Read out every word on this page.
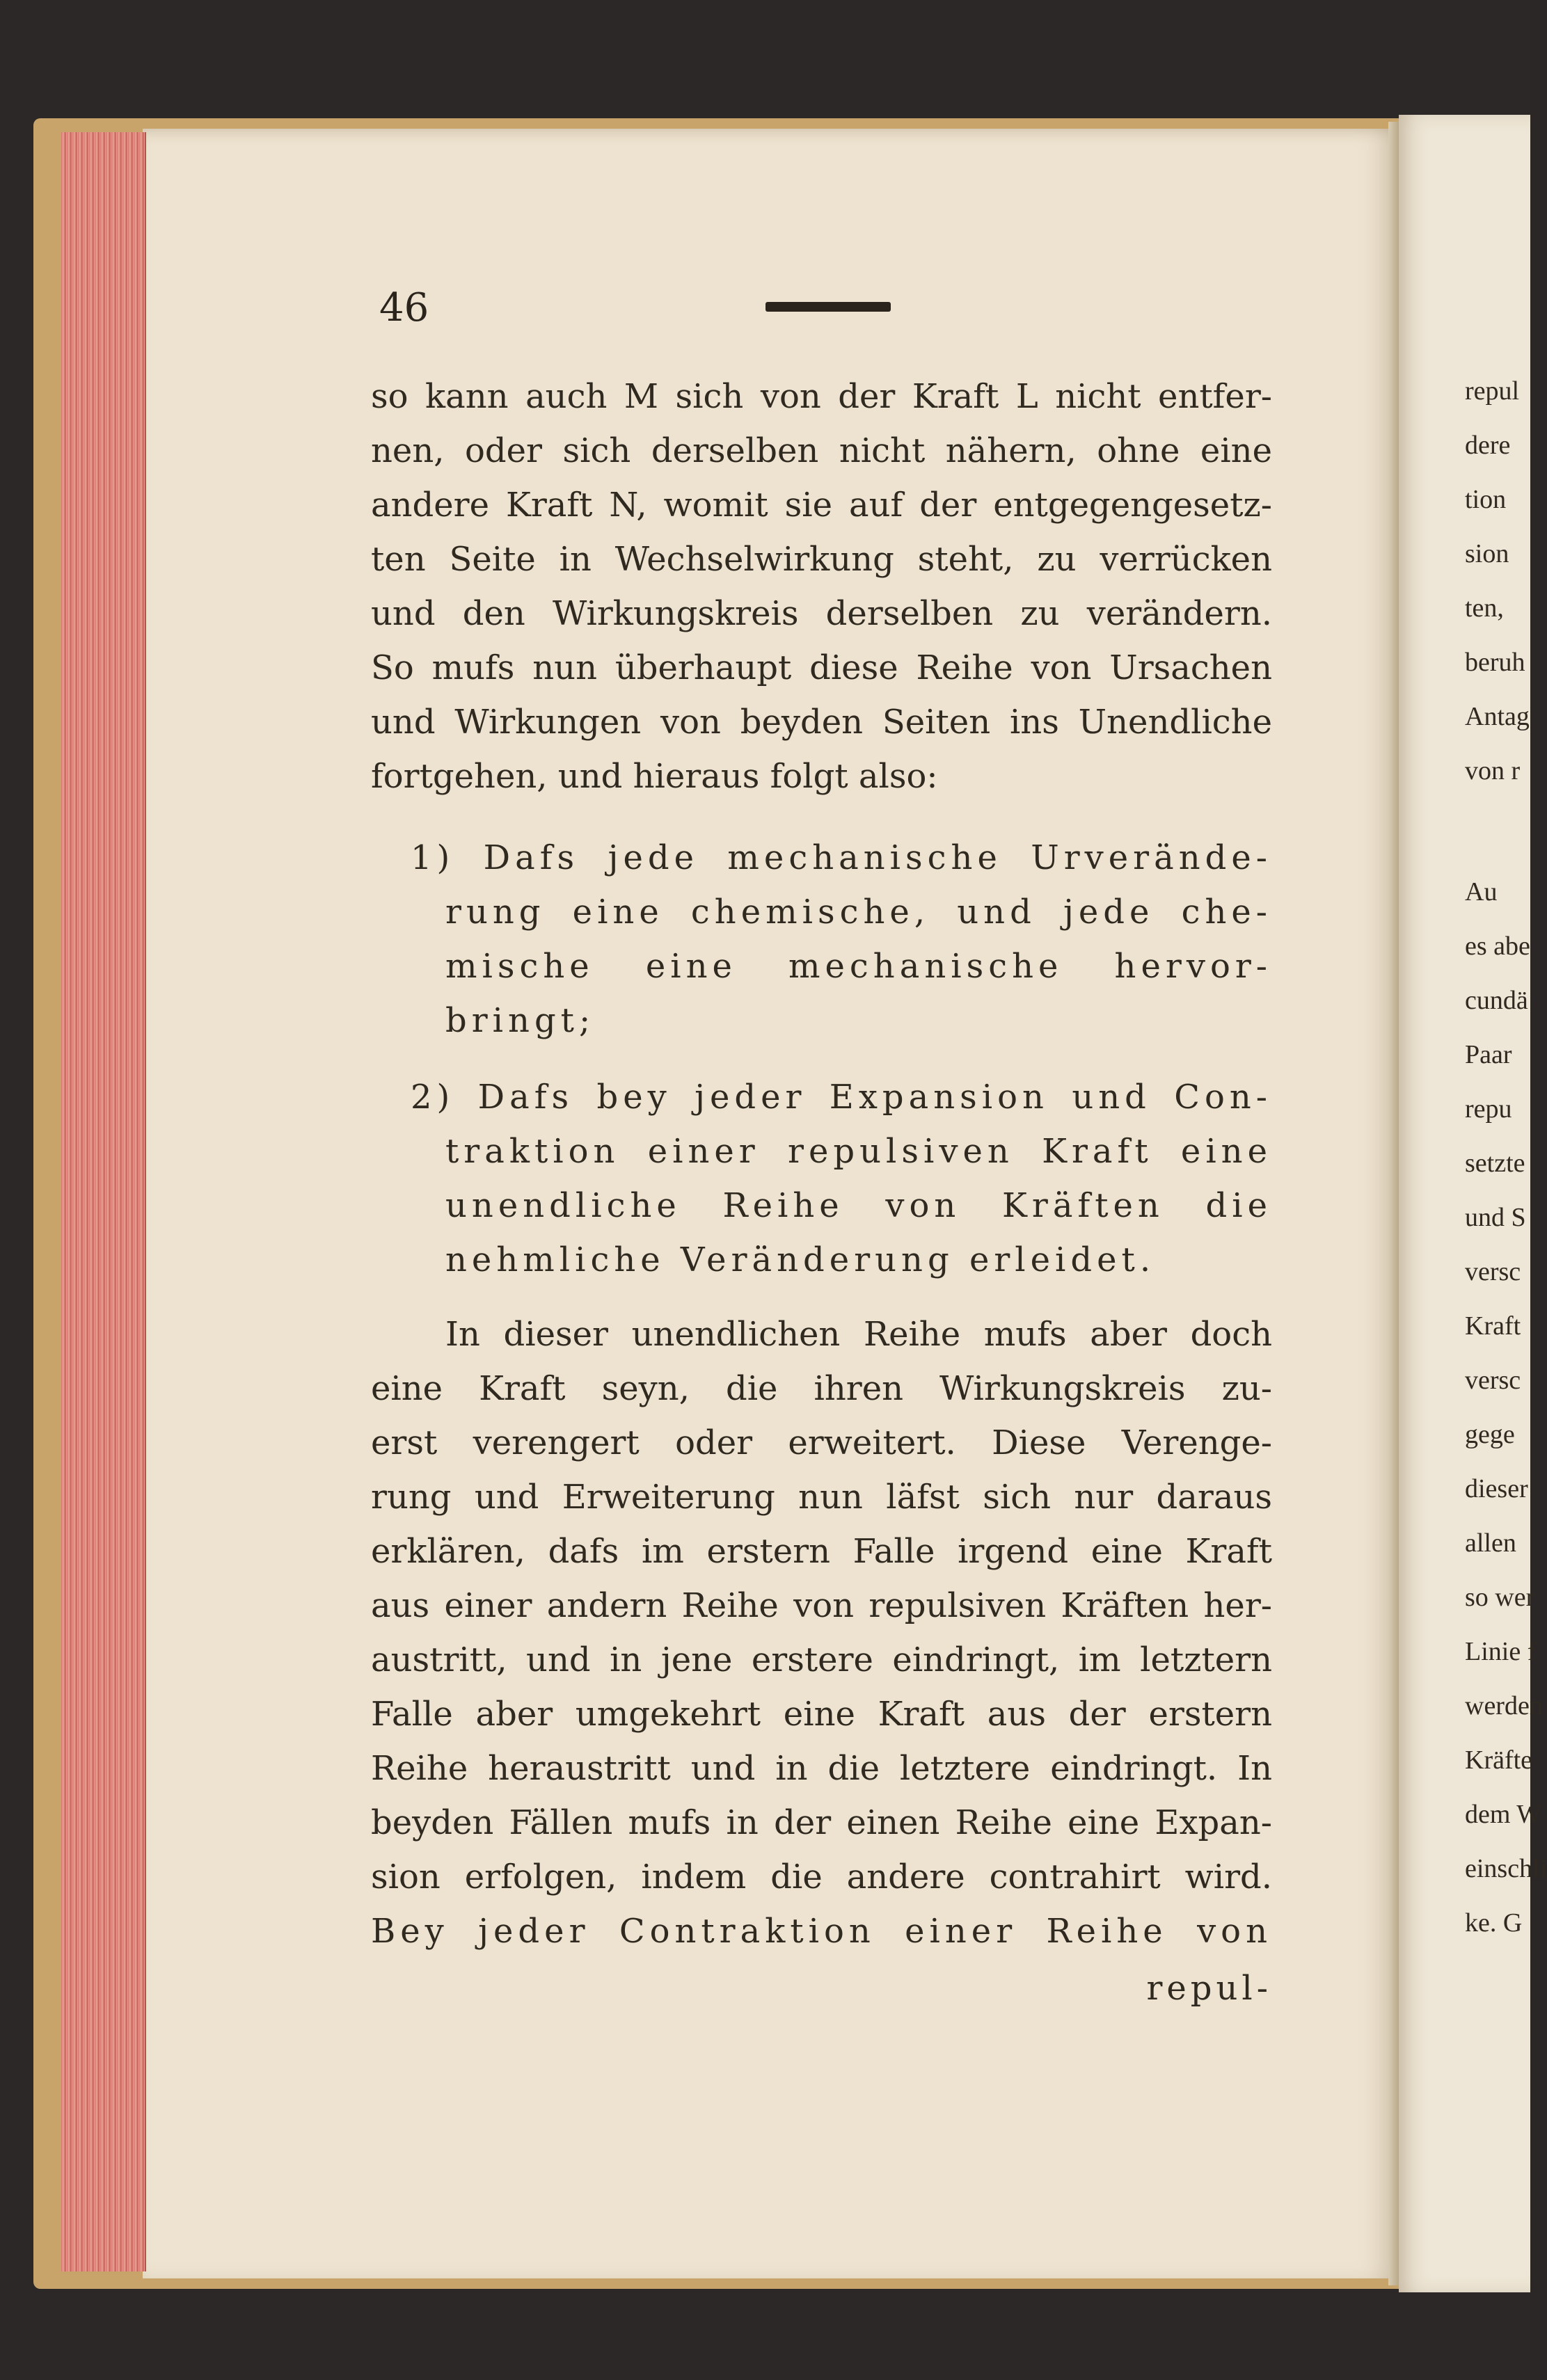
46
so kann auch M sich von der Kraft L nicht entfer-
nen, oder sich derselben nicht nähern, ohne eine
andere Kraft N, womit sie auf der entgegengesetz-
ten Seite in Wechselwirkung steht, zu verrücken
und den Wirkungskreis derselben zu verändern.
So mufs nun überhaupt diese Reihe von Ursachen
und Wirkungen von beyden Seiten ins Unendliche
fortgehen, und hieraus folgt also:
1) Dafs jede mechanische Urverände-
rung eine chemische, und jede che-
mische eine mechanische hervor-
bringt;
2) Dafs bey jeder Expansion und Con-
traktion einer repulsiven Kraft eine
unendliche Reihe von Kräften die
nehmliche Veränderung erleidet.
In dieser unendlichen Reihe mufs aber doch
eine Kraft seyn, die ihren Wirkungskreis zu-
erst verengert oder erweitert. Diese Verenge-
rung und Erweiterung nun läfst sich nur daraus
erklären, dafs im erstern Falle irgend eine Kraft
aus einer andern Reihe von repulsiven Kräften her-
austritt, und in jene erstere eindringt, im letztern
Falle aber umgekehrt eine Kraft aus der erstern
Reihe heraustritt und in die letztere eindringt. In
beyden Fällen mufs in der einen Reihe eine Expan-
sion erfolgen, indem die andere contrahirt wird.
Bey jeder Contraktion einer Reihe von
repul-
repul
dere
tion
sion
ten,
beruh
Antag
von r
Au
es abe
cundä
Paar
repu
setzte
und S
versc
Kraft
versc
gege
dieser
allen
so wer
Linie f
werden
Kräfte
dem W
einschli
ke. G
